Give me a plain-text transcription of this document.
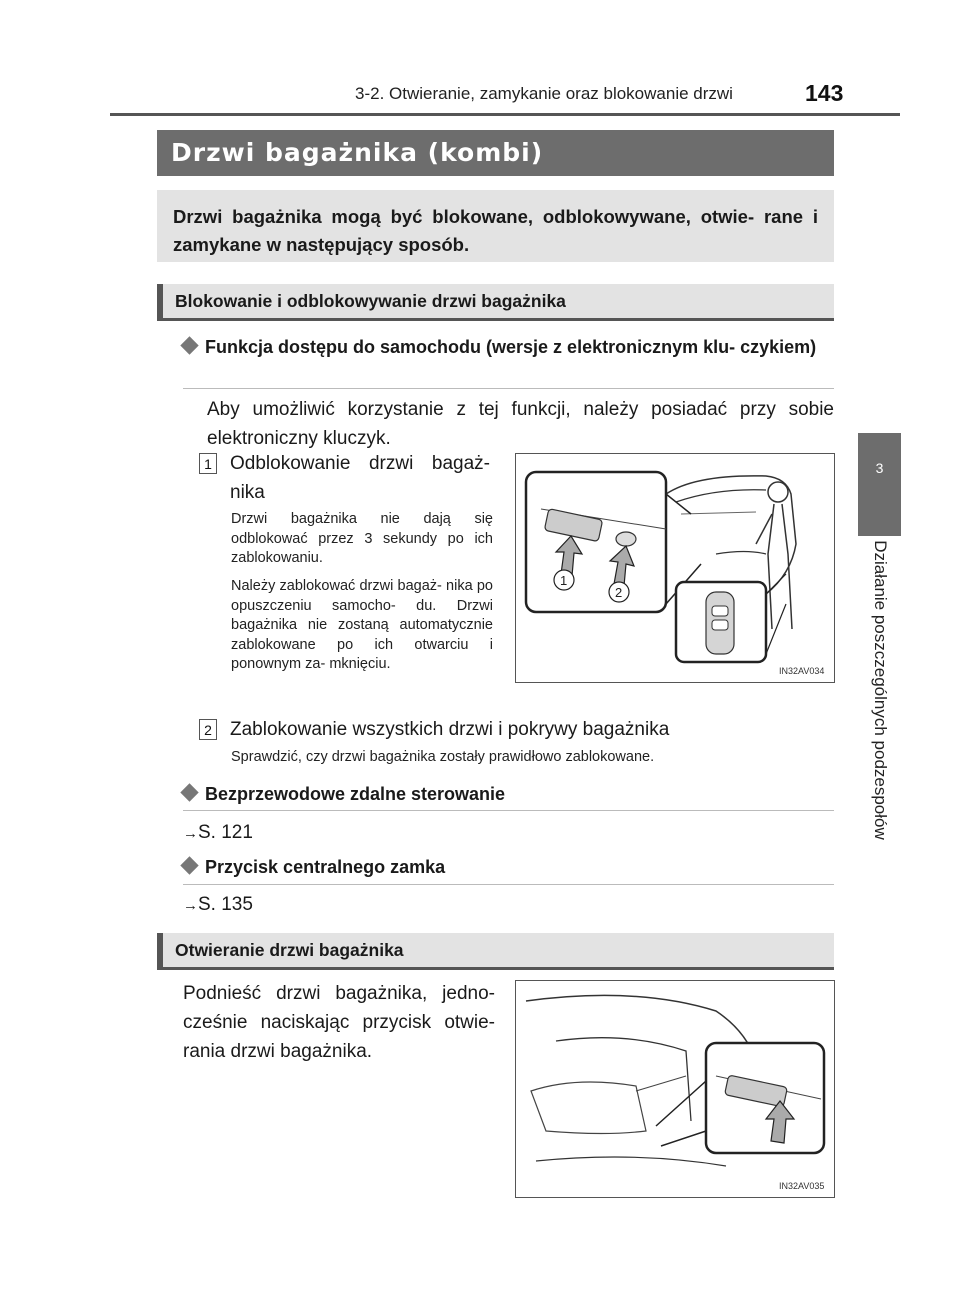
3-2. Otwieranie, zamykanie oraz blokowanie drzwi	143
3
Działanie poszczególnych podzespołów
Drzwi bagażnika (kombi)
Drzwi bagażnika mogą być blokowane, odblokowywane, otwie- rane i zamykane w następujący sposób.
Blokowanie i odblokowywanie drzwi bagażnika
Funkcja dostępu do samochodu (wersje z elektronicznym klu- czykiem)
Aby umożliwić korzystanie z tej funkcji, należy posiadać przy sobie elektroniczny kluczyk.
1 Odblokowanie drzwi bagaż- nika
Drzwi bagażnika nie dają się odblokować przez 3 sekundy po ich zablokowaniu.
Należy zablokować drzwi bagaż- nika po opuszczeniu samocho- du. Drzwi bagażnika nie zostaną automatycznie zablokowane po ich otwarciu i ponownym za- mknięciu.
1
2
IN32AV034
2 Zablokowanie wszystkich drzwi i pokrywy bagażnika
Sprawdzić, czy drzwi bagażnika zostały prawidłowo zablokowane.
Bezprzewodowe zdalne sterowanie
→S. 121
Przycisk centralnego zamka
→S. 135
Otwieranie drzwi bagażnika
Podnieść drzwi bagażnika, jedno- cześnie naciskając przycisk otwie- rania drzwi bagażnika.
IN32AV035
